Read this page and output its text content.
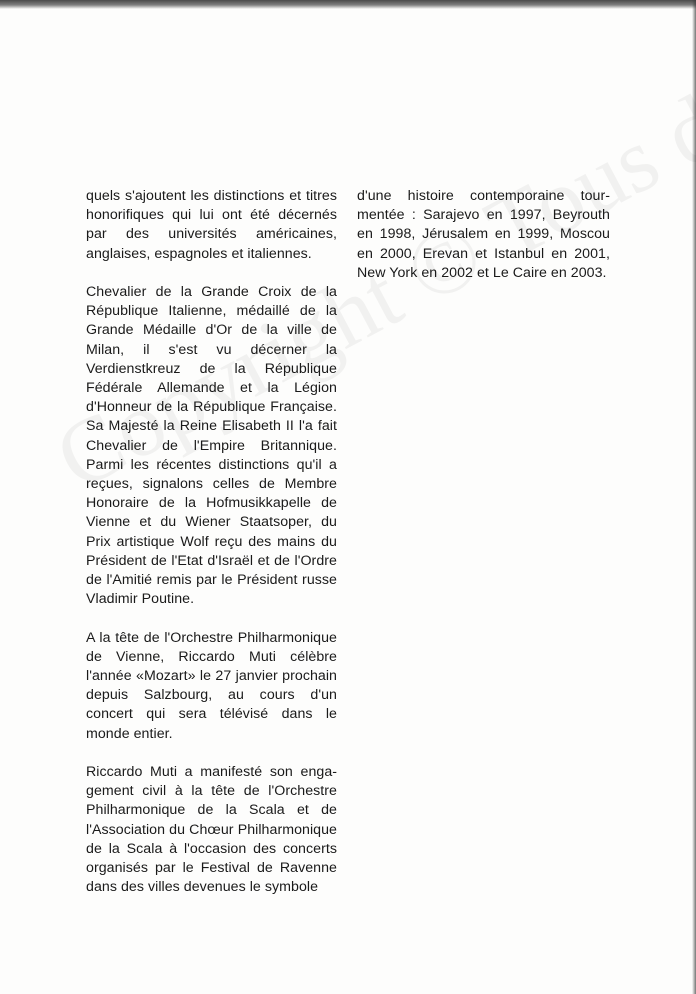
quels s'ajoutent les distinctions et titres honorifiques qui lui ont été décernés par des universités américaines, anglaises, espagnoles et italiennes.

Chevalier de la Grande Croix de la République Italienne, médaillé de la Grande Médaille d'Or de la ville de Milan, il s'est vu décerner la Verdienstkreuz de la République Fédérale Allemande et la Légion d'Honneur de la République Française. Sa Majesté la Reine Elisabeth II l'a fait Chevalier de l'Empire Britannique. Parmi les récentes distinctions qu'il a reçues, signalons celles de Membre Honoraire de la Hofmusikkapelle de Vienne et du Wiener Staatsoper, du Prix artistique Wolf reçu des mains du Président de l'Etat d'Israël et de l'Ordre de l'Amitié remis par le Président russe Vladimir Poutine.

A la tête de l'Orchestre Philharmonique de Vienne, Riccardo Muti célèbre l'année «Mozart» le 27 janvier prochain depuis Salzbourg, au cours d'un concert qui sera télévisé dans le monde entier.

Riccardo Muti a manifesté son engagement civil à la tête de l'Orchestre Philharmonique de la Scala et de l'Association du Chœur Philharmonique de la Scala à l'occasion des concerts organisés par le Festival de Ravenne dans des villes devenues le symbole

d'une histoire contemporaine tourmentée : Sarajevo en 1997, Beyrouth en 1998, Jérusalem en 1999, Moscou en 2000, Erevan et Istanbul en 2001, New York en 2002 et Le Caire en 2003.
